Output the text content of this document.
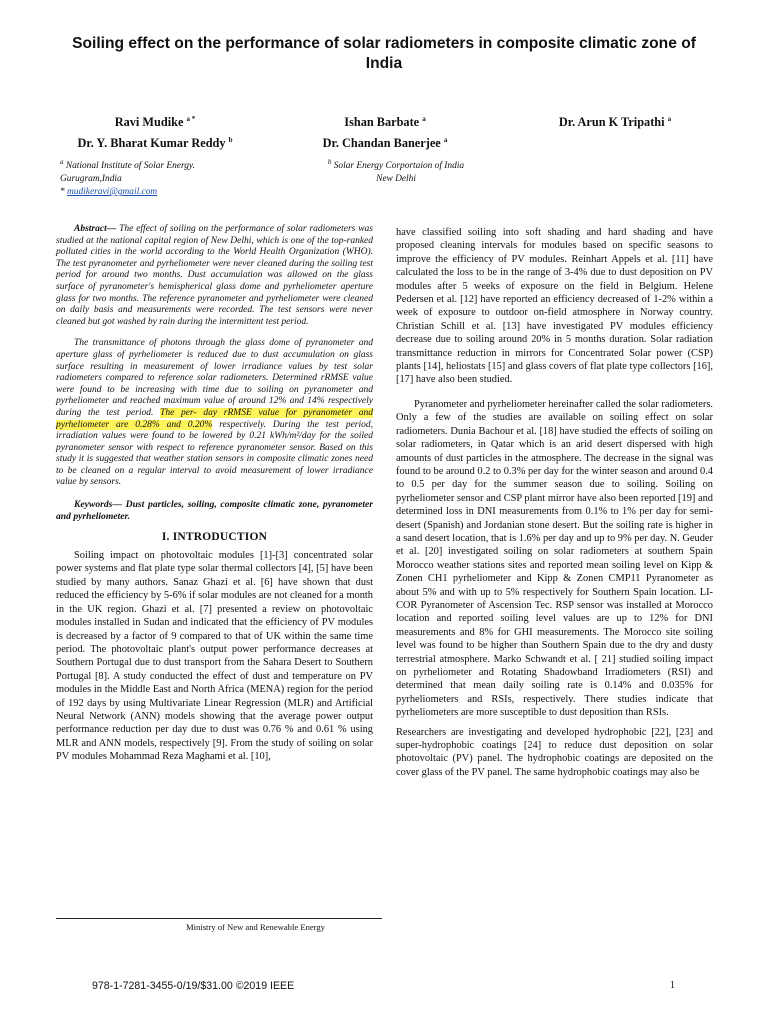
Soiling effect on the performance of solar radiometers in composite climatic zone of India
Ravi Mudike $^{a *}$
Dr. Y. Bharat Kumar Reddy $^b$
Ishan Barbate $^a$
Dr. Chandan Banerjee $^a$
Dr. Arun K Tripathi $^a$
$^a$ National Institute of Solar Energy.
Gurugram,India
* mudikeravi@gmail.com
$^b$ Solar Energy Corportaion of India
New Delhi

Abstract— The effect of soiling on the performance of solar radiometers was studied at the national capital region of New Delhi, which is one of the top-ranked polluted cities in the world according to the World Health Organization (WHO). The test pyranometer and pyrheliometer were never cleaned during the soiling test period for around two months. Dust accumulation was allowed on the glass surface of pyranometer's hemispherical glass dome and pyrheliometer aperture glass for two months. The reference pyranometer and pyrheliometer were cleaned on daily basis and measurements were recorded. The test sensors were never cleaned but got washed by rain during the intermittent test period.

The transmittance of photons through the glass dome of pyranometer and aperture glass of pyrheliometer is reduced due to dust accumulation on glass surface resulting in measurement of lower irradiance values by test solar radiometers compared to reference solar radiometers. Determined rRMSE value were found to be increasing with time due to soiling on pyranometer and pyrheliometer and reached maximum value of around 12% and 14% respectively during the test period. The per- day rRMSE value for pyranometer and pyrheliometer are 0.28% and 0.20% respectively. During the test period, irradiation values were found to be lowered by 0.21 kWh/m²/day for the soiled pyranometer sensor with respect to reference pyranometer sensor. Based on this study it is suggested that weather station sensors in composite climatic zones need to be cleaned on a regular interval to avoid measurement of lower irradiance value by sensors.

Keywords— Dust particles, soiling, composite climatic zone, pyranometer and pyrheliometer.

I. INTRODUCTION

Soiling impact on photovoltaic modules [1]-[3] concentrated solar power systems and flat plate type solar thermal collectors [4], [5] have been studied by many authors. Sanaz Ghazi et al. [6] have shown that dust reduced the efficiency by 5-6% if solar modules are not cleaned for a month in the UK region. Ghazi et al. [7] presented a review on photovoltaic modules installed in Sudan and indicated that the efficiency of PV modules is decreased by a factor of 9 compared to that of UK within the same time period. The photovoltaic plant's output power performance decreases at Southern Portugal due to dust transport from the Sahara Desert to Southern Portugal [8]. A study conducted the effect of dust and temperature on PV modules in the Middle East and North Africa (MENA) region for the period of 192 days by using Multivariate Linear Regression (MLR) and Artificial Neural Network (ANN) models showing that the average power output performance reduction per day due to dust was 0.76 % and 0.61 % using MLR and ANN models, respectively [9]. From the study of soiling on solar PV modules Mohammad Reza Maghami et al. [10],

have classified soiling into soft shading and hard shading and have proposed cleaning intervals for modules based on specific seasons to improve the efficiency of PV modules. Reinhart Appels et al. [11] have calculated the loss to be in the range of 3-4% due to dust deposition on PV modules after 5 weeks of exposure on the field in Belgium. Helene Pedersen et al. [12] have reported an efficiency decreased of 1-2% within a week of exposure to outdoor on-field atmosphere in Norway country. Christian Schill et al. [13] have investigated PV modules efficiency decrease due to soiling around 20% in 5 months duration. Solar radiation transmittance reduction in mirrors for Concentrated Solar power (CSP) plants [14], heliostats [15] and glass covers of flat plate type collectors [16], [17] have also been studied.

Pyranometer and pyrheliometer hereinafter called the solar radiometers. Only a few of the studies are available on soiling effect on solar radiometers. Dunia Bachour et al. [18] have studied the effects of soiling on solar radiometers, in Qatar which is an arid desert dispersed with high amounts of dust particles in the atmosphere. The decrease in the signal was found to be around 0.2 to 0.3% per day for the winter season and around 0.4 to 0.5 per day for the summer season due to soiling. Soiling on pyrheliometer sensor and CSP plant mirror have also been reported [19] and determined loss in DNI measurements from 0.1% to 1% per day for semi-desert (Spanish) and Jordanian stone desert. But the soiling rate is higher in a sand desert location, that is 1.6% per day and up to 9% per day. N. Geuder et al. [20] investigated soiling on solar radiometers at southern Spain Morocco weather stations sites and reported mean soiling level on Kipp & Zonen CH1 pyrheliometer and Kipp & Zonen CMP11 Pyranometer as about 5% and with up to 5% respectively for Southern Spain location. LI-COR Pyranometer of Ascension Tec. RSP sensor was installed at Morocco location and reported soiling level values are up to 12% for DNI measurements and 8% for GHI measurements. The Morocco site soiling level was found to be higher than Southern Spain due to the dry and dusty terrestrial atmosphere. Marko Schwandt et al. [ 21] studied soiling impact on pyrheliometer and Rotating Shadowband Irradiometers (RSI) and determined that mean daily soiling rate is 0.14% and 0.035% for pyrheliometers and RSIs, respectively. There studies indicate that pyrheliometers are more susceptible to dust deposition than RSIs.

Researchers are investigating and developed hydrophobic [22], [23] and super-hydrophobic coatings [24] to reduce dust deposition on solar photovoltaic (PV) panel. The hydrophobic coatings are deposited on the cover glass of the PV panel. The same hydrophobic coatings may also be

Ministry of New and Renewable Energy
978-1-7281-3455-0/19/$31.00 ©2019 IEEE	1
